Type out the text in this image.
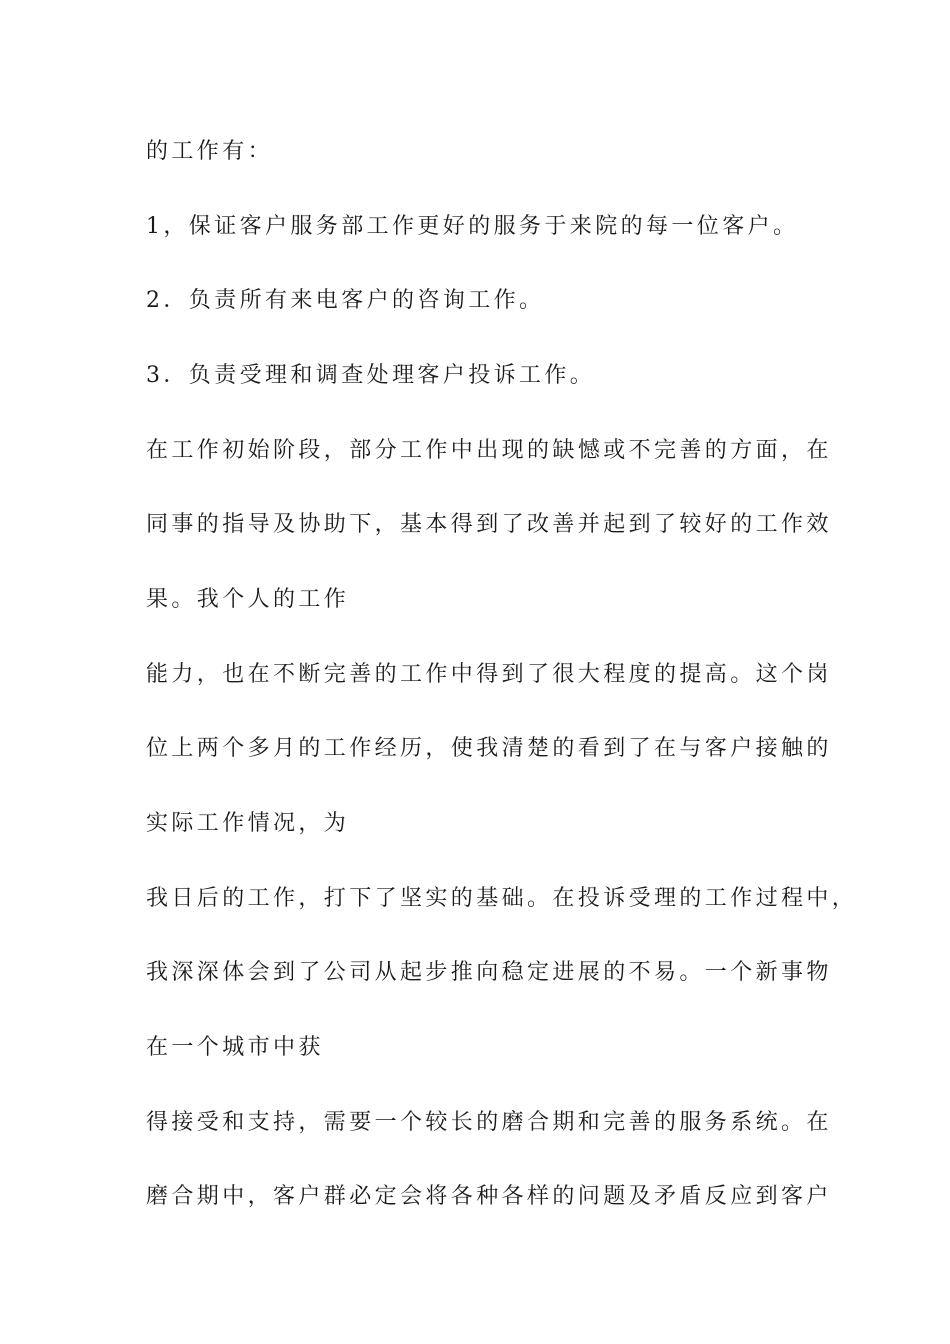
的工作有：

1，保证客户服务部工作更好的服务于来院的每一位客户。

2．负责所有来电客户的咨询工作。

3．负责受理和调查处理客户投诉工作。

在工作初始阶段，部分工作中出现的缺憾或不完善的方面，在

同事的指导及协助下，基本得到了改善并起到了较好的工作效

果。我个人的工作

能力，也在不断完善的工作中得到了很大程度的提高。这个岗

位上两个多月的工作经历，使我清楚的看到了在与客户接触的

实际工作情况，为

我日后的工作，打下了坚实的基础。在投诉受理的工作过程中，

我深深体会到了公司从起步推向稳定进展的不易。一个新事物

在一个城市中获

得接受和支持，需要一个较长的磨合期和完善的服务系统。在

磨合期中，客户群必定会将各种各样的问题及矛盾反应到客户
